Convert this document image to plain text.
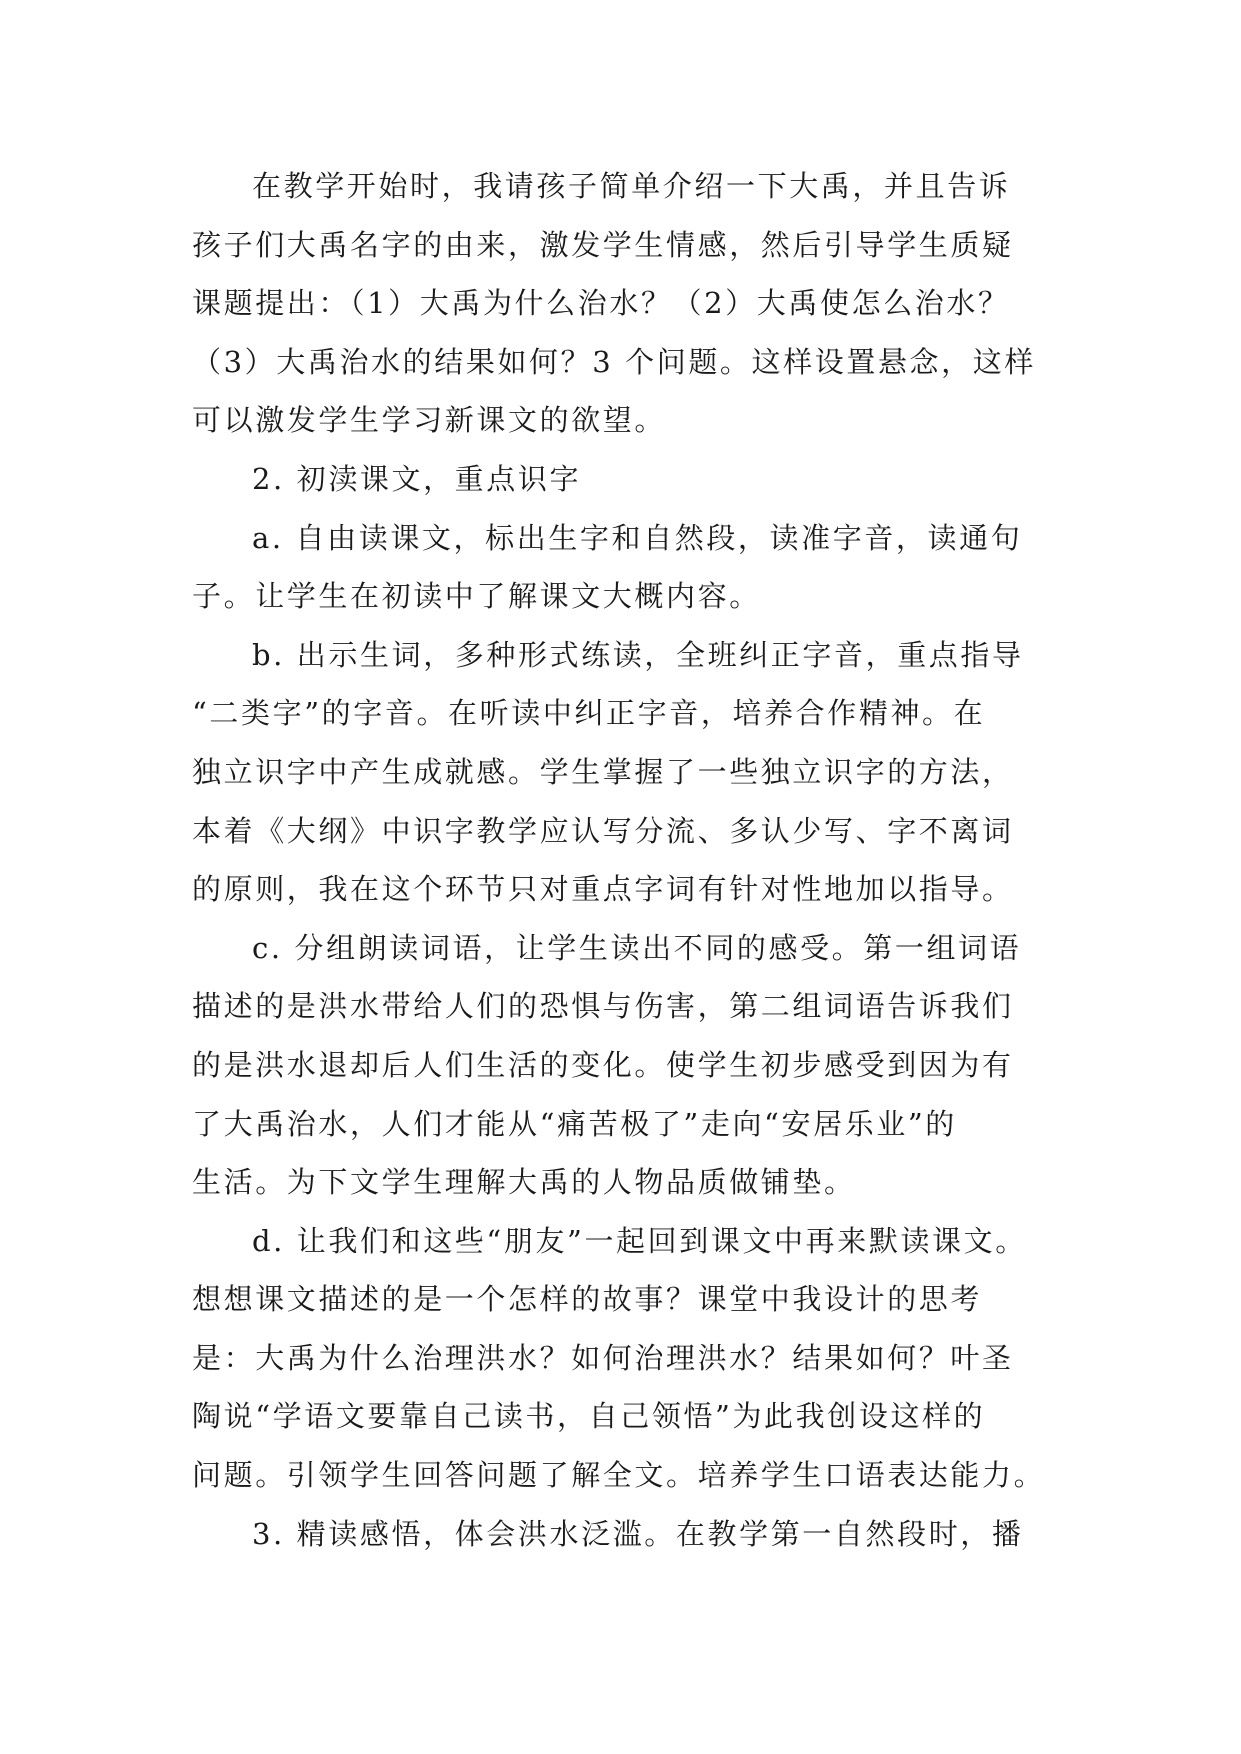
在教学开始时，我请孩子简单介绍一下大禹，并且告诉
孩子们大禹名字的由来，激发学生情感，然后引导学生质疑
课题提出：（1）大禹为什么治水？（2）大禹使怎么治水？
（3）大禹治水的结果如何？3 个问题。这样设置悬念，这样
可以激发学生学习新课文的欲望。

2. 初渎课文，重点识字

a. 自由读课文，标出生字和自然段，读准字音，读通句
子。让学生在初读中了解课文大概内容。

b. 出示生词，多种形式练读，全班纠正字音，重点指导
“二类字”的字音。在听读中纠正字音，培养合作精神。在
独立识字中产生成就感。学生掌握了一些独立识字的方法，
本着《大纲》中识字教学应认写分流、多认少写、字不离词
的原则，我在这个环节只对重点字词有针对性地加以指导。

c. 分组朗读词语，让学生读出不同的感受。第一组词语
描述的是洪水带给人们的恐惧与伤害，第二组词语告诉我们
的是洪水退却后人们生活的变化。使学生初步感受到因为有
了大禹治水，人们才能从“痛苦极了”走向“安居乐业”的
生活。为下文学生理解大禹的人物品质做铺垫。

d. 让我们和这些“朋友”一起回到课文中再来默读课文。
想想课文描述的是一个怎样的故事？课堂中我设计的思考
是：大禹为什么治理洪水？如何治理洪水？结果如何？叶圣
陶说“学语文要靠自己读书，自己领悟”为此我创设这样的
问题。引领学生回答问题了解全文。培养学生口语表达能力。

3. 精读感悟，体会洪水泛滥。在教学第一自然段时，播
